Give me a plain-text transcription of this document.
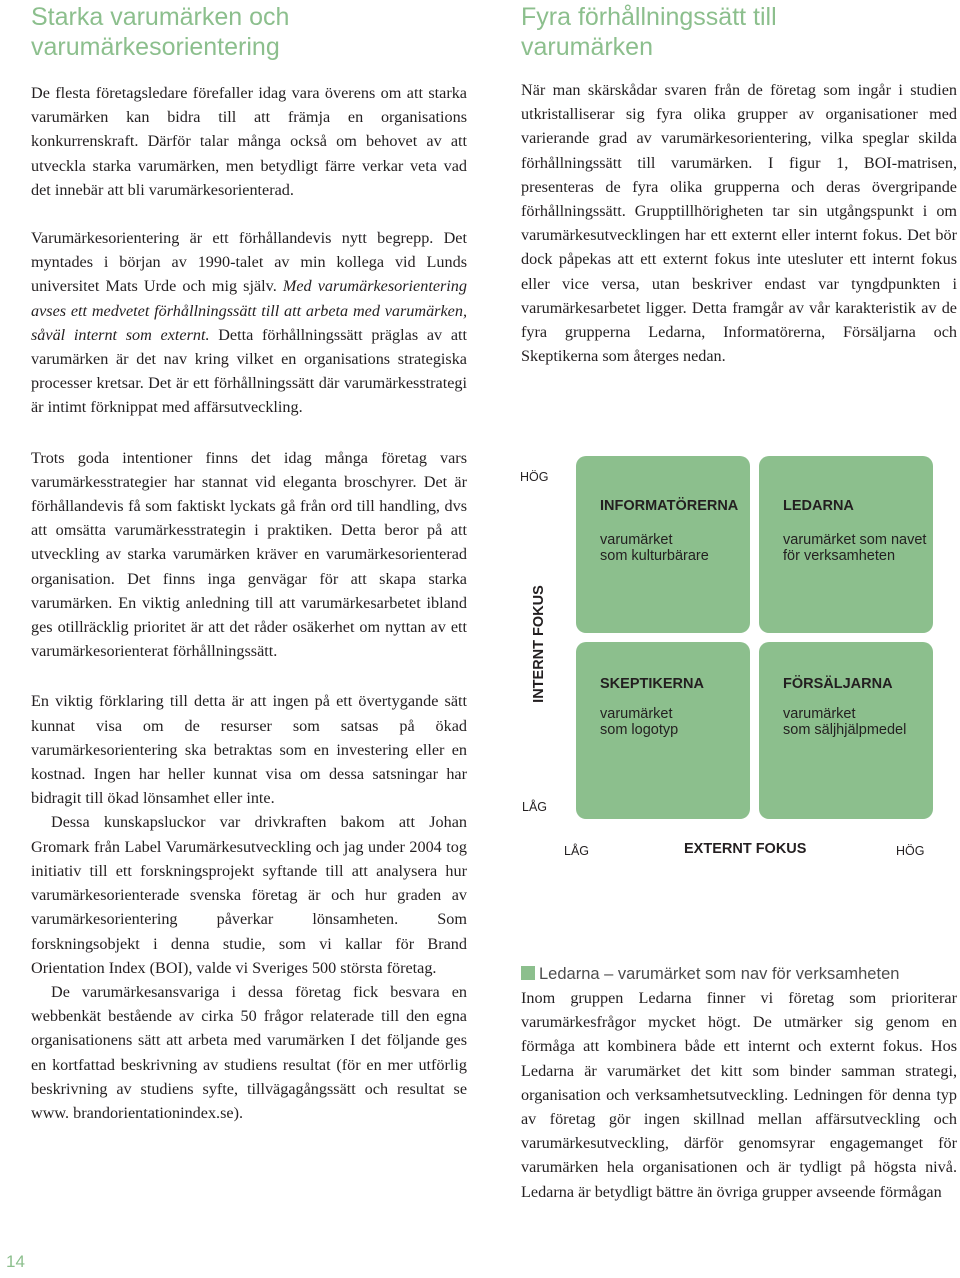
Starka varumärken och
varumärkesorientering

De flesta företagsledare förefaller idag vara överens om att starka varumärken kan bidra till att främja en organisations konkurrenskraft. Därför talar många också om behovet av att utveckla starka varumärken, men betydligt färre verkar veta vad det innebär att bli varumärkesorienterad.

Varumärkesorientering är ett förhållandevis nytt begrepp. Det myntades i början av 1990-talet av min kollega vid Lunds universitet Mats Urde och mig själv. Med varumärkesorientering avses ett medvetet förhållningssätt till att arbeta med varumärken, såväl internt som externt. Detta förhållningssätt präglas av att varumärken är det nav kring vilket en organisations strategiska processer kretsar. Det är ett förhållningssätt där varumärkesstrategi är intimt förknippat med affärsutveckling.

Trots goda intentioner finns det idag många företag vars varumärkesstrategier har stannat vid eleganta broschyrer. Det är förhållandevis få som faktiskt lyckats gå från ord till handling, dvs att omsätta varumärkesstrategin i praktiken. Detta beror på att utveckling av starka varumärken kräver en varumärkesorienterad organisation. Det finns inga genvägar för att skapa starka varumärken. En viktig anledning till att varumärkesarbetet ibland ges otillräcklig prioritet är att det råder osäkerhet om nyttan av ett varumärkesorienterat förhållningssätt.

En viktig förklaring till detta är att ingen på ett övertygande sätt kunnat visa om de resurser som satsas på ökad varumärkesorientering ska betraktas som en investering eller en kostnad. Ingen har heller kunnat visa om dessa satsningar har bidragit till ökad lönsamhet eller inte.

Dessa kunskapsluckor var drivkraften bakom att Johan Gromark från Label Varumärkesutveckling och jag under 2004 tog initiativ till ett forskningsprojekt syftande till att analysera hur varumärkesorienterade svenska företag är och hur graden av varumärkesorientering påverkar lönsamheten. Som forskningsobjekt i denna studie, som vi kallar för Brand Orientation Index (BOI), valde vi Sveriges 500 största företag.

De varumärkesansvariga i dessa företag fick besvara en webbenkät bestående av cirka 50 frågor relaterade till den egna organisationens sätt att arbeta med varumärken I det följande ges en kortfattad beskrivning av studiens resultat (för en mer utförlig beskrivning av studiens syfte, tillvägagångssätt och resultat se www. brandorientationindex.se).

Fyra förhållningssätt till
varumärken

När man skärskådar svaren från de företag som ingår i studien utkristalliserar sig fyra olika grupper av organisationer med varierande grad av varumärkesorientering, vilka speglar skilda förhållningssätt till varumärken. I figur 1, BOI-matrisen, presenteras de fyra olika grupperna och deras övergripande förhållningssätt. Grupptillhörigheten tar sin utgångspunkt i om varumärkesutvecklingen har ett externt eller internt fokus. Det bör dock påpekas att ett externt fokus inte utesluter ett internt fokus eller vice versa, utan beskriver endast var tyngdpunkten i varumärkesarbetet ligger. Detta framgår av vår karakteristik av de fyra grupperna Ledarna, Informatörerna, Försäljarna och Skeptikerna som återges nedan.

HÖG
LÅG
INTERNT FOKUS
INFORMATÖRERNA
varumärket
som kulturbärare
LEDARNA
varumärket som navet
för verksamheten
SKEPTIKERNA
varumärket
som logotyp
FÖRSÄLJARNA
varumärket
som säljhjälpmedel
LÅG	EXTERNT FOKUS	HÖG
Ledarna – varumärket som nav för verksamheten

Inom gruppen Ledarna finner vi företag som prioriterar varumärkesfrågor mycket högt. De utmärker sig genom en förmåga att kombinera både ett internt och externt fokus. Hos Ledarna är varumärket det kitt som binder samman strategi, organisation och verksamhetsutveckling. Ledningen för denna typ av företag gör ingen skillnad mellan affärsutveckling och varumärkesutveckling, därför genomsyrar engagemanget för varumärken hela organisationen och är tydligt på högsta nivå. Ledarna är betydligt bättre än övriga grupper avseende förmågan

14
